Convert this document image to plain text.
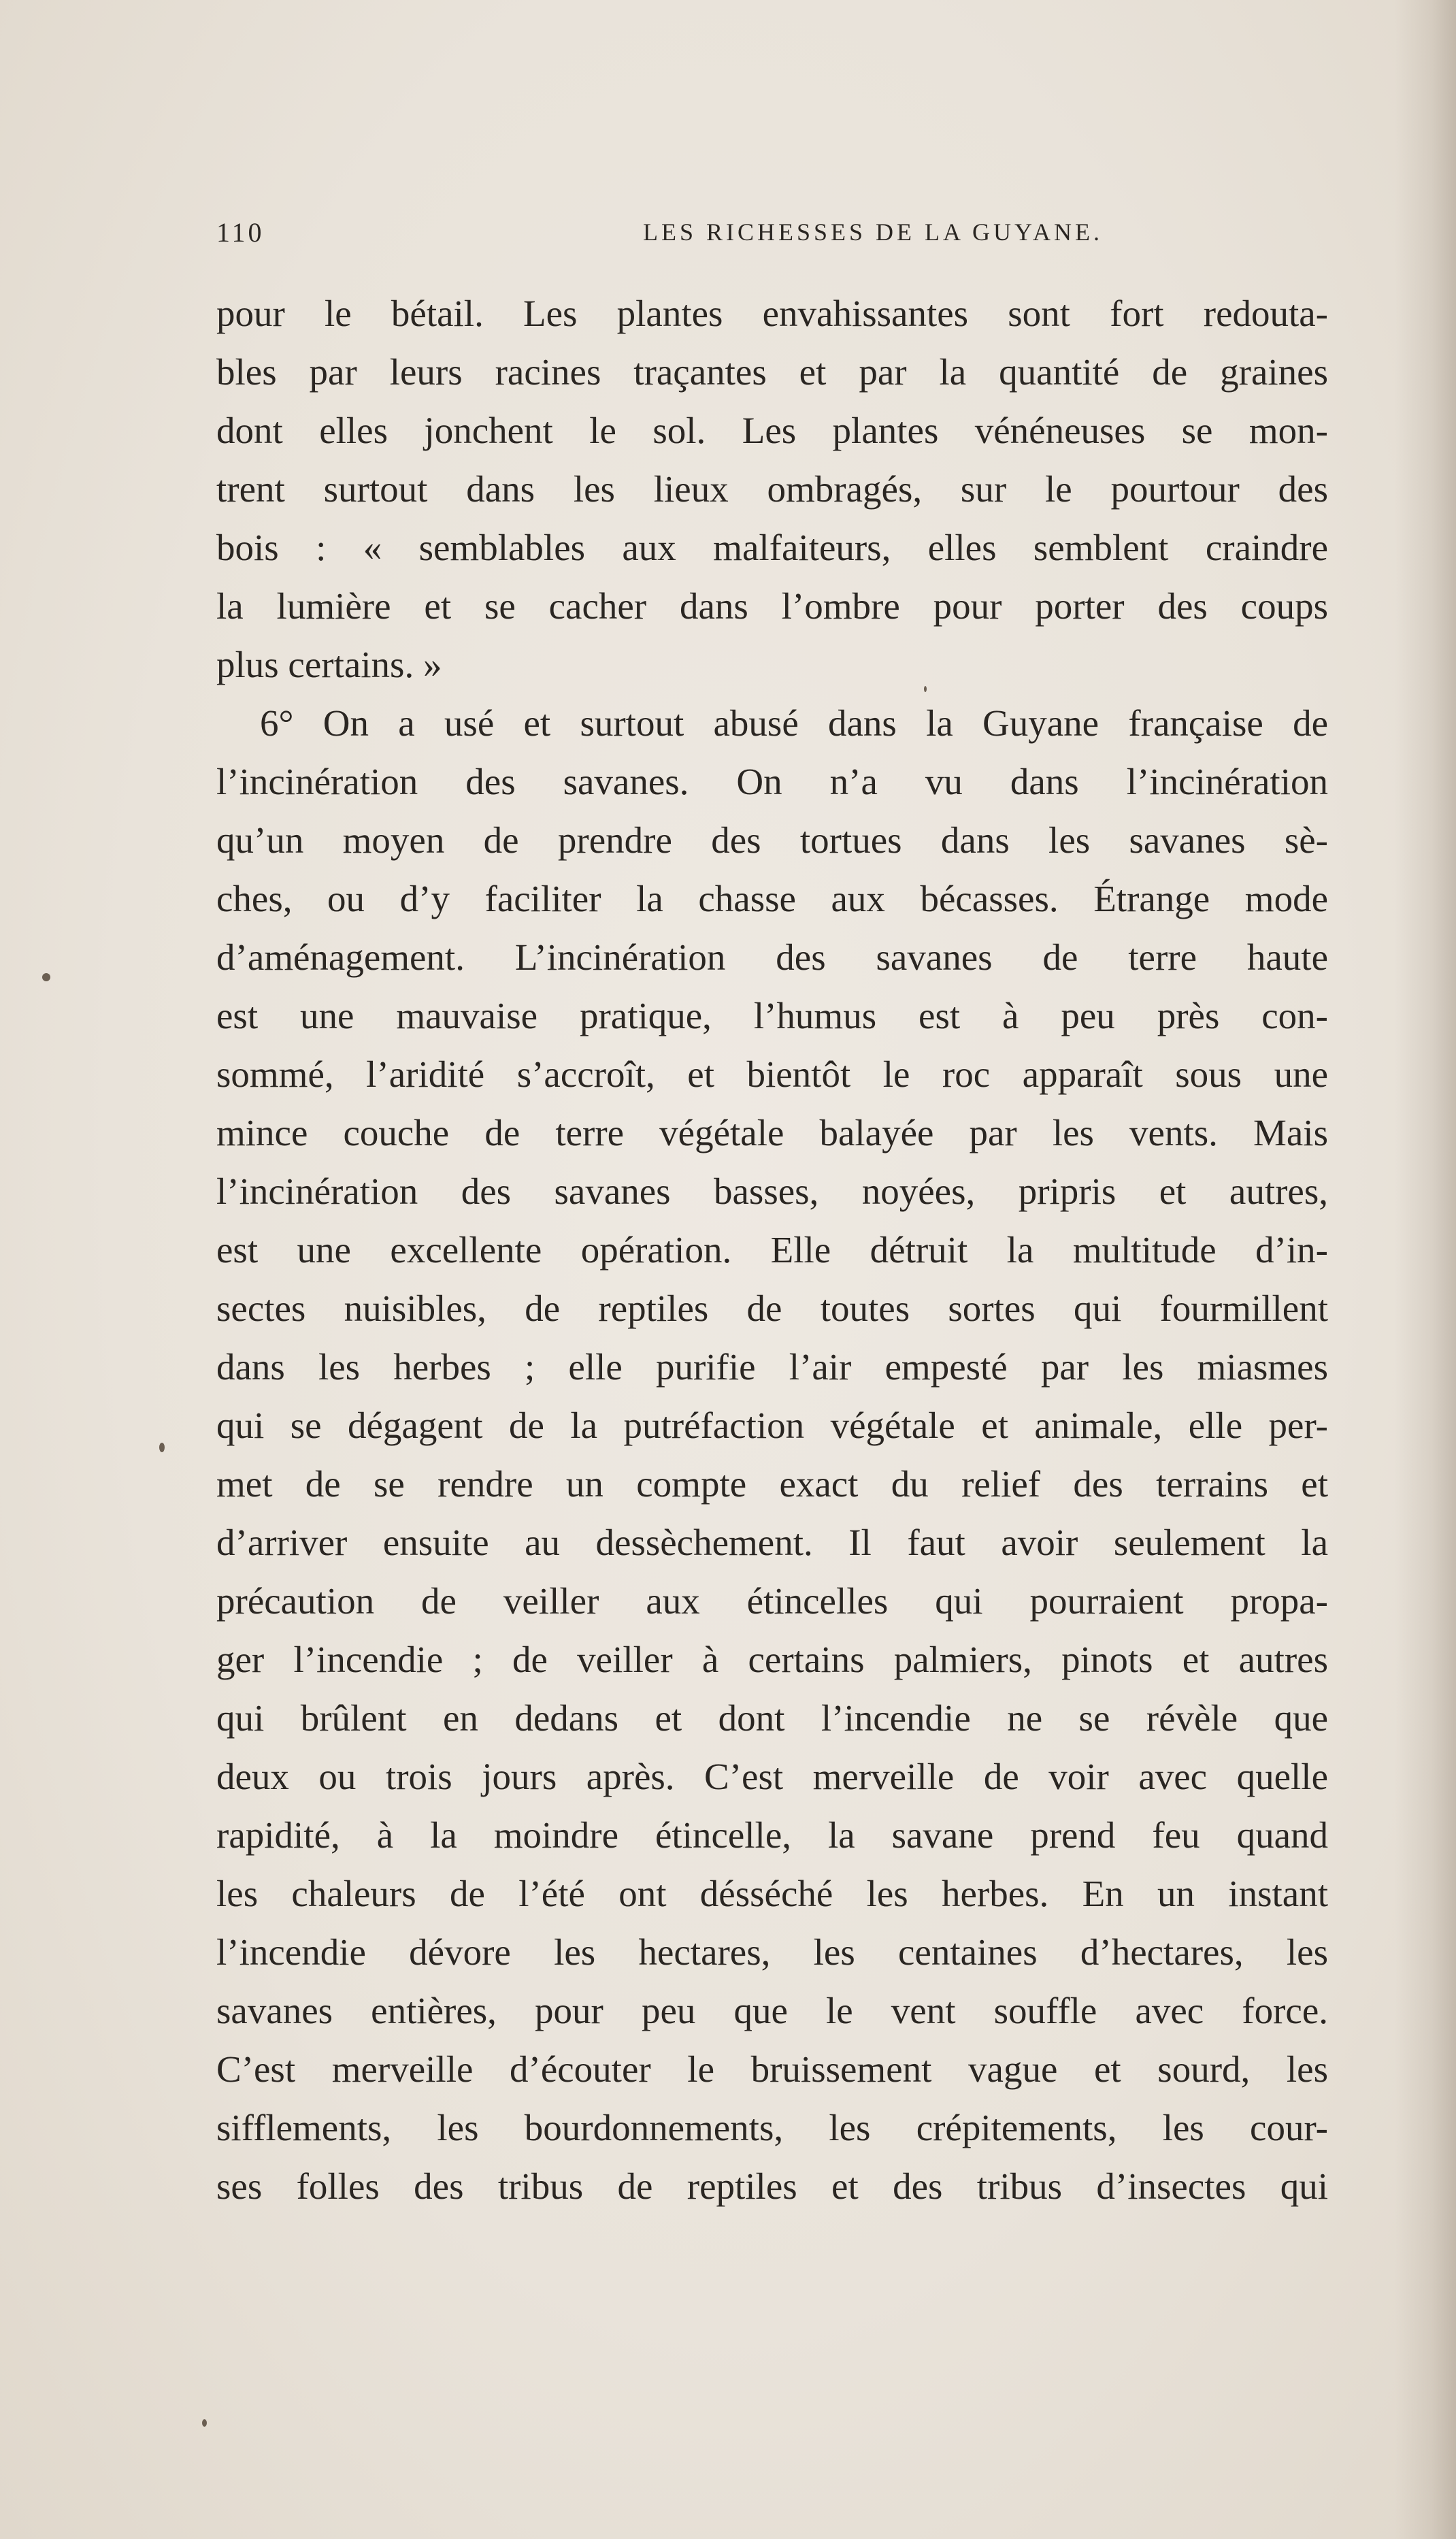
110	LES RICHESSES DE LA GUYANE.
pour le bétail. Les plantes envahissantes sont fort redouta-
bles par leurs racines traçantes et par la quantité de graines
dont elles jonchent le sol. Les plantes vénéneuses se mon-
trent surtout dans les lieux ombragés, sur le pourtour des
bois : « semblables aux malfaiteurs, elles semblent craindre
la lumière et se cacher dans l’ombre pour porter des coups
plus certains. »
6° On a usé et surtout abusé dans la Guyane française de
l’incinération des savanes. On n’a vu dans l’incinération
qu’un moyen de prendre des tortues dans les savanes sè-
ches, ou d’y faciliter la chasse aux bécasses. Étrange mode
d’aménagement. L’incinération des savanes de terre haute
est une mauvaise pratique, l’humus est à peu près con-
sommé, l’aridité s’accroît, et bientôt le roc apparaît sous une
mince couche de terre végétale balayée par les vents. Mais
l’incinération des savanes basses, noyées, pripris et autres,
est une excellente opération. Elle détruit la multitude d’in-
sectes nuisibles, de reptiles de toutes sortes qui fourmillent
dans les herbes ; elle purifie l’air empesté par les miasmes
qui se dégagent de la putréfaction végétale et animale, elle per-
met de se rendre un compte exact du relief des terrains et
d’arriver ensuite au dessèchement. Il faut avoir seulement la
précaution de veiller aux étincelles qui pourraient propa-
ger l’incendie ; de veiller à certains palmiers, pinots et autres
qui brûlent en dedans et dont l’incendie ne se révèle que
deux ou trois jours après. C’est merveille de voir avec quelle
rapidité, à la moindre étincelle, la savane prend feu quand
les chaleurs de l’été ont désséché les herbes. En un instant
l’incendie dévore les hectares, les centaines d’hectares, les
savanes entières, pour peu que le vent souffle avec force.
C’est merveille d’écouter le bruissement vague et sourd, les
sifflements, les bourdonnements, les crépitements, les cour-
ses folles des tribus de reptiles et des tribus d’insectes qui
